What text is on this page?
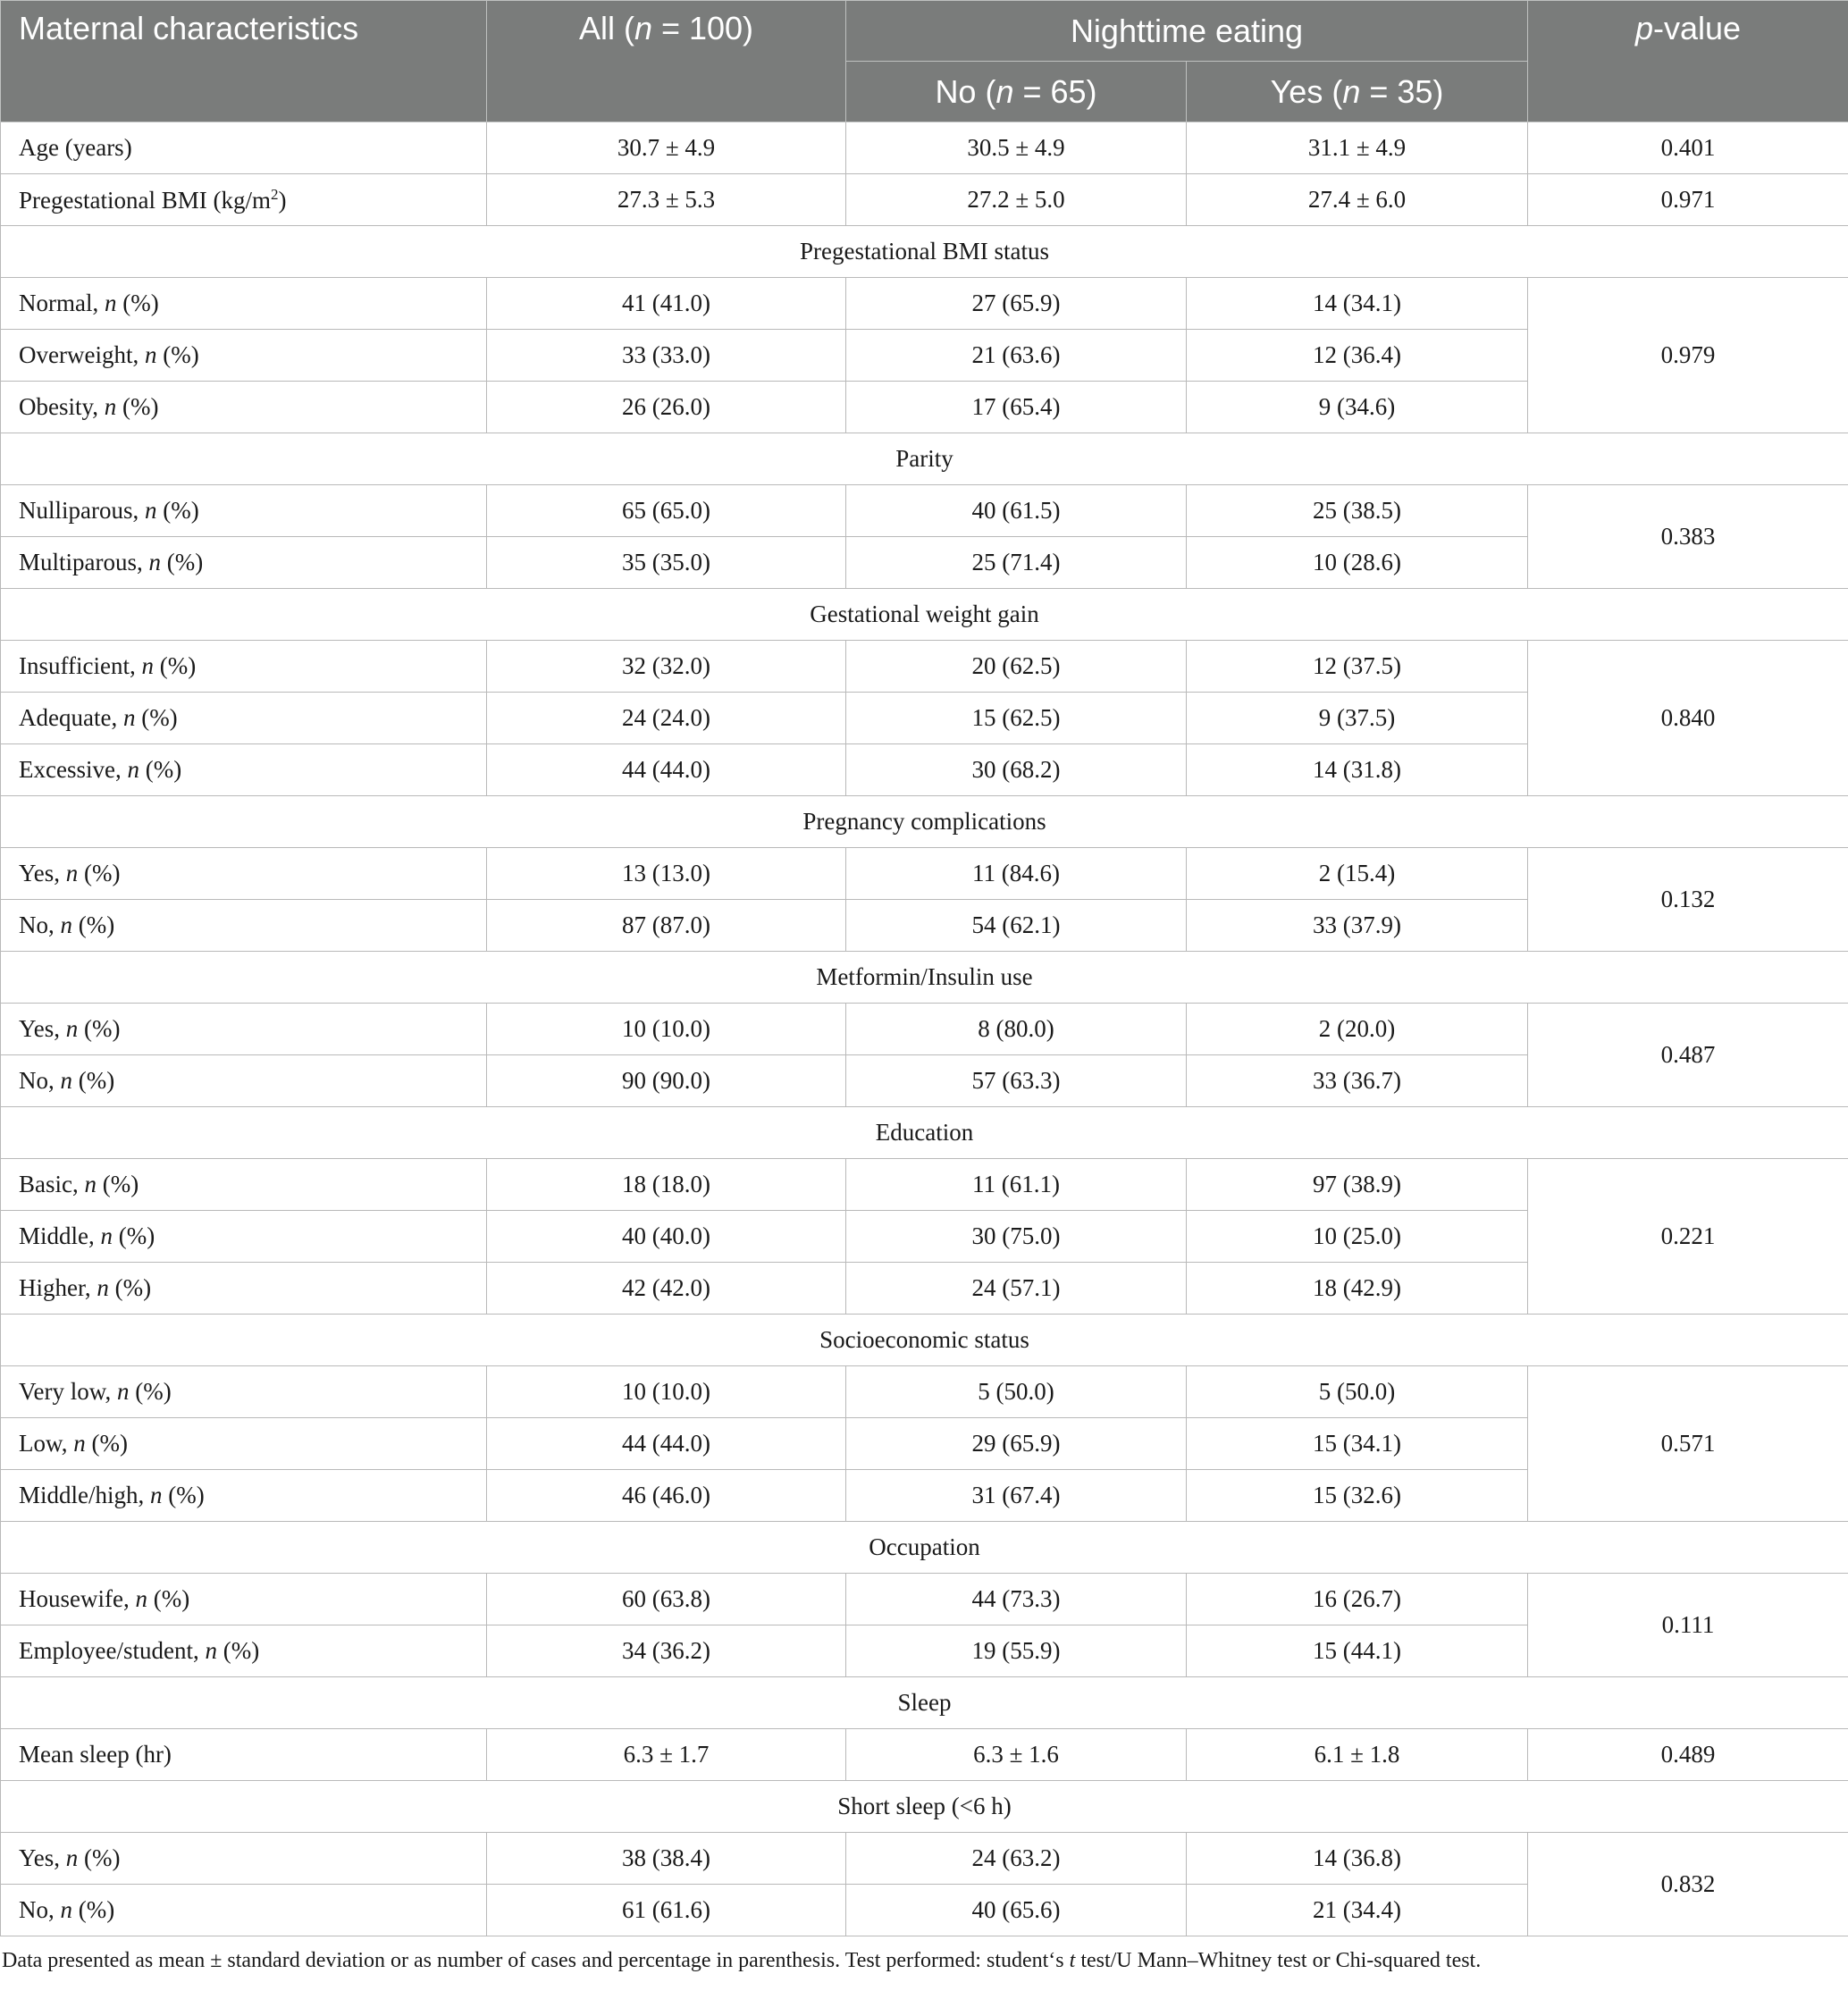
Maternal characteristics	All (n = 100)	Nighttime eating		p-value
		No (n = 65)	Yes (n = 35)	
Age (years)	30.7 ± 4.9	30.5 ± 4.9	31.1 ± 4.9	0.401
Pregestational BMI $(kg/m^2)$	27.3 ± 5.3	27.2 ± 5.0	27.4 ± 6.0	0.971
Pregestational BMI status				
Normal, n (%)	41 (41.0)	27 (65.9)	14 (34.1)	0.979
Overweight, n (%)	33 (33.0)	21 (63.6)	12 (36.4)	
Obesity, n (%)	26 (26.0)	17 (65.4)	9 (34.6)	
Parity				
Nulliparous, n (%)	65 (65.0)	40 (61.5)	25 (38.5)	0.383
Multiparous, n (%)	35 (35.0)	25 (71.4)	10 (28.6)	
Gestational weight gain				
Insufficient, n (%)	32 (32.0)	20 (62.5)	12 (37.5)	0.840
Adequate, n (%)	24 (24.0)	15 (62.5)	9 (37.5)	
Excessive, n (%)	44 (44.0)	30 (68.2)	14 (31.8)	
Pregnancy complications				
Yes, n (%)	13 (13.0)	11 (84.6)	2 (15.4)	0.132
No, n (%)	87 (87.0)	54 (62.1)	33 (37.9)	
Metformin/Insulin use				
Yes, n (%)	10 (10.0)	8 (80.0)	2 (20.0)	0.487
No, n (%)	90 (90.0)	57 (63.3)	33 (36.7)	
Education				
Basic, n (%)	18 (18.0)	11 (61.1)	97 (38.9)	0.221
Middle, n (%)	40 (40.0)	30 (75.0)	10 (25.0)	
Higher, n (%)	42 (42.0)	24 (57.1)	18 (42.9)	
Socioeconomic status				
Very low, n (%)	10 (10.0)	5 (50.0)	5 (50.0)	0.571
Low, n (%)	44 (44.0)	29 (65.9)	15 (34.1)	
Middle/high, n (%)	46 (46.0)	31 (67.4)	15 (32.6)	
Occupation				
Housewife, n (%)	60 (63.8)	44 (73.3)	16 (26.7)	0.111
Employee/student, n (%)	34 (36.2)	19 (55.9)	15 (44.1)	
Sleep				
Mean sleep (hr)	6.3 ± 1.7	6.3 ± 1.6	6.1 ± 1.8	0.489
Short sleep (<6 h)				
Yes, n (%)	38 (38.4)	24 (63.2)	14 (36.8)	0.832
No, n (%)	61 (61.6)	40 (65.6)	21 (34.4)	
Data presented as mean ± standard deviation or as number of cases and percentage in parenthesis. Test performed: student‘s t test/U Mann–Whitney test or Chi-squared test.
